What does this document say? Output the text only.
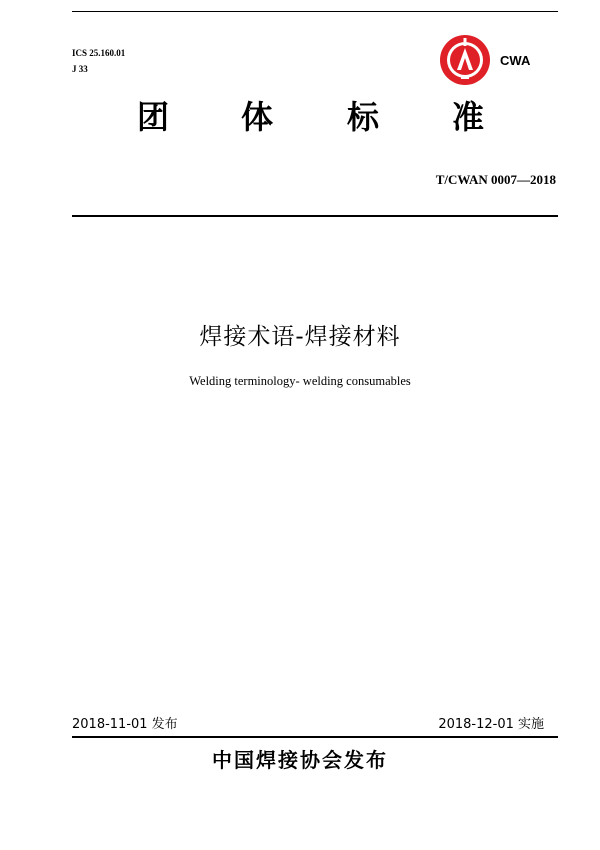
ICS 25.160.01
J 33
CWA
团 体 标 准
T/CWAN 0007—2018
焊接术语-焊接材料
Welding terminology- welding consumables
2018-11-01 发布	2018-12-01 实施
中国焊接协会发布
